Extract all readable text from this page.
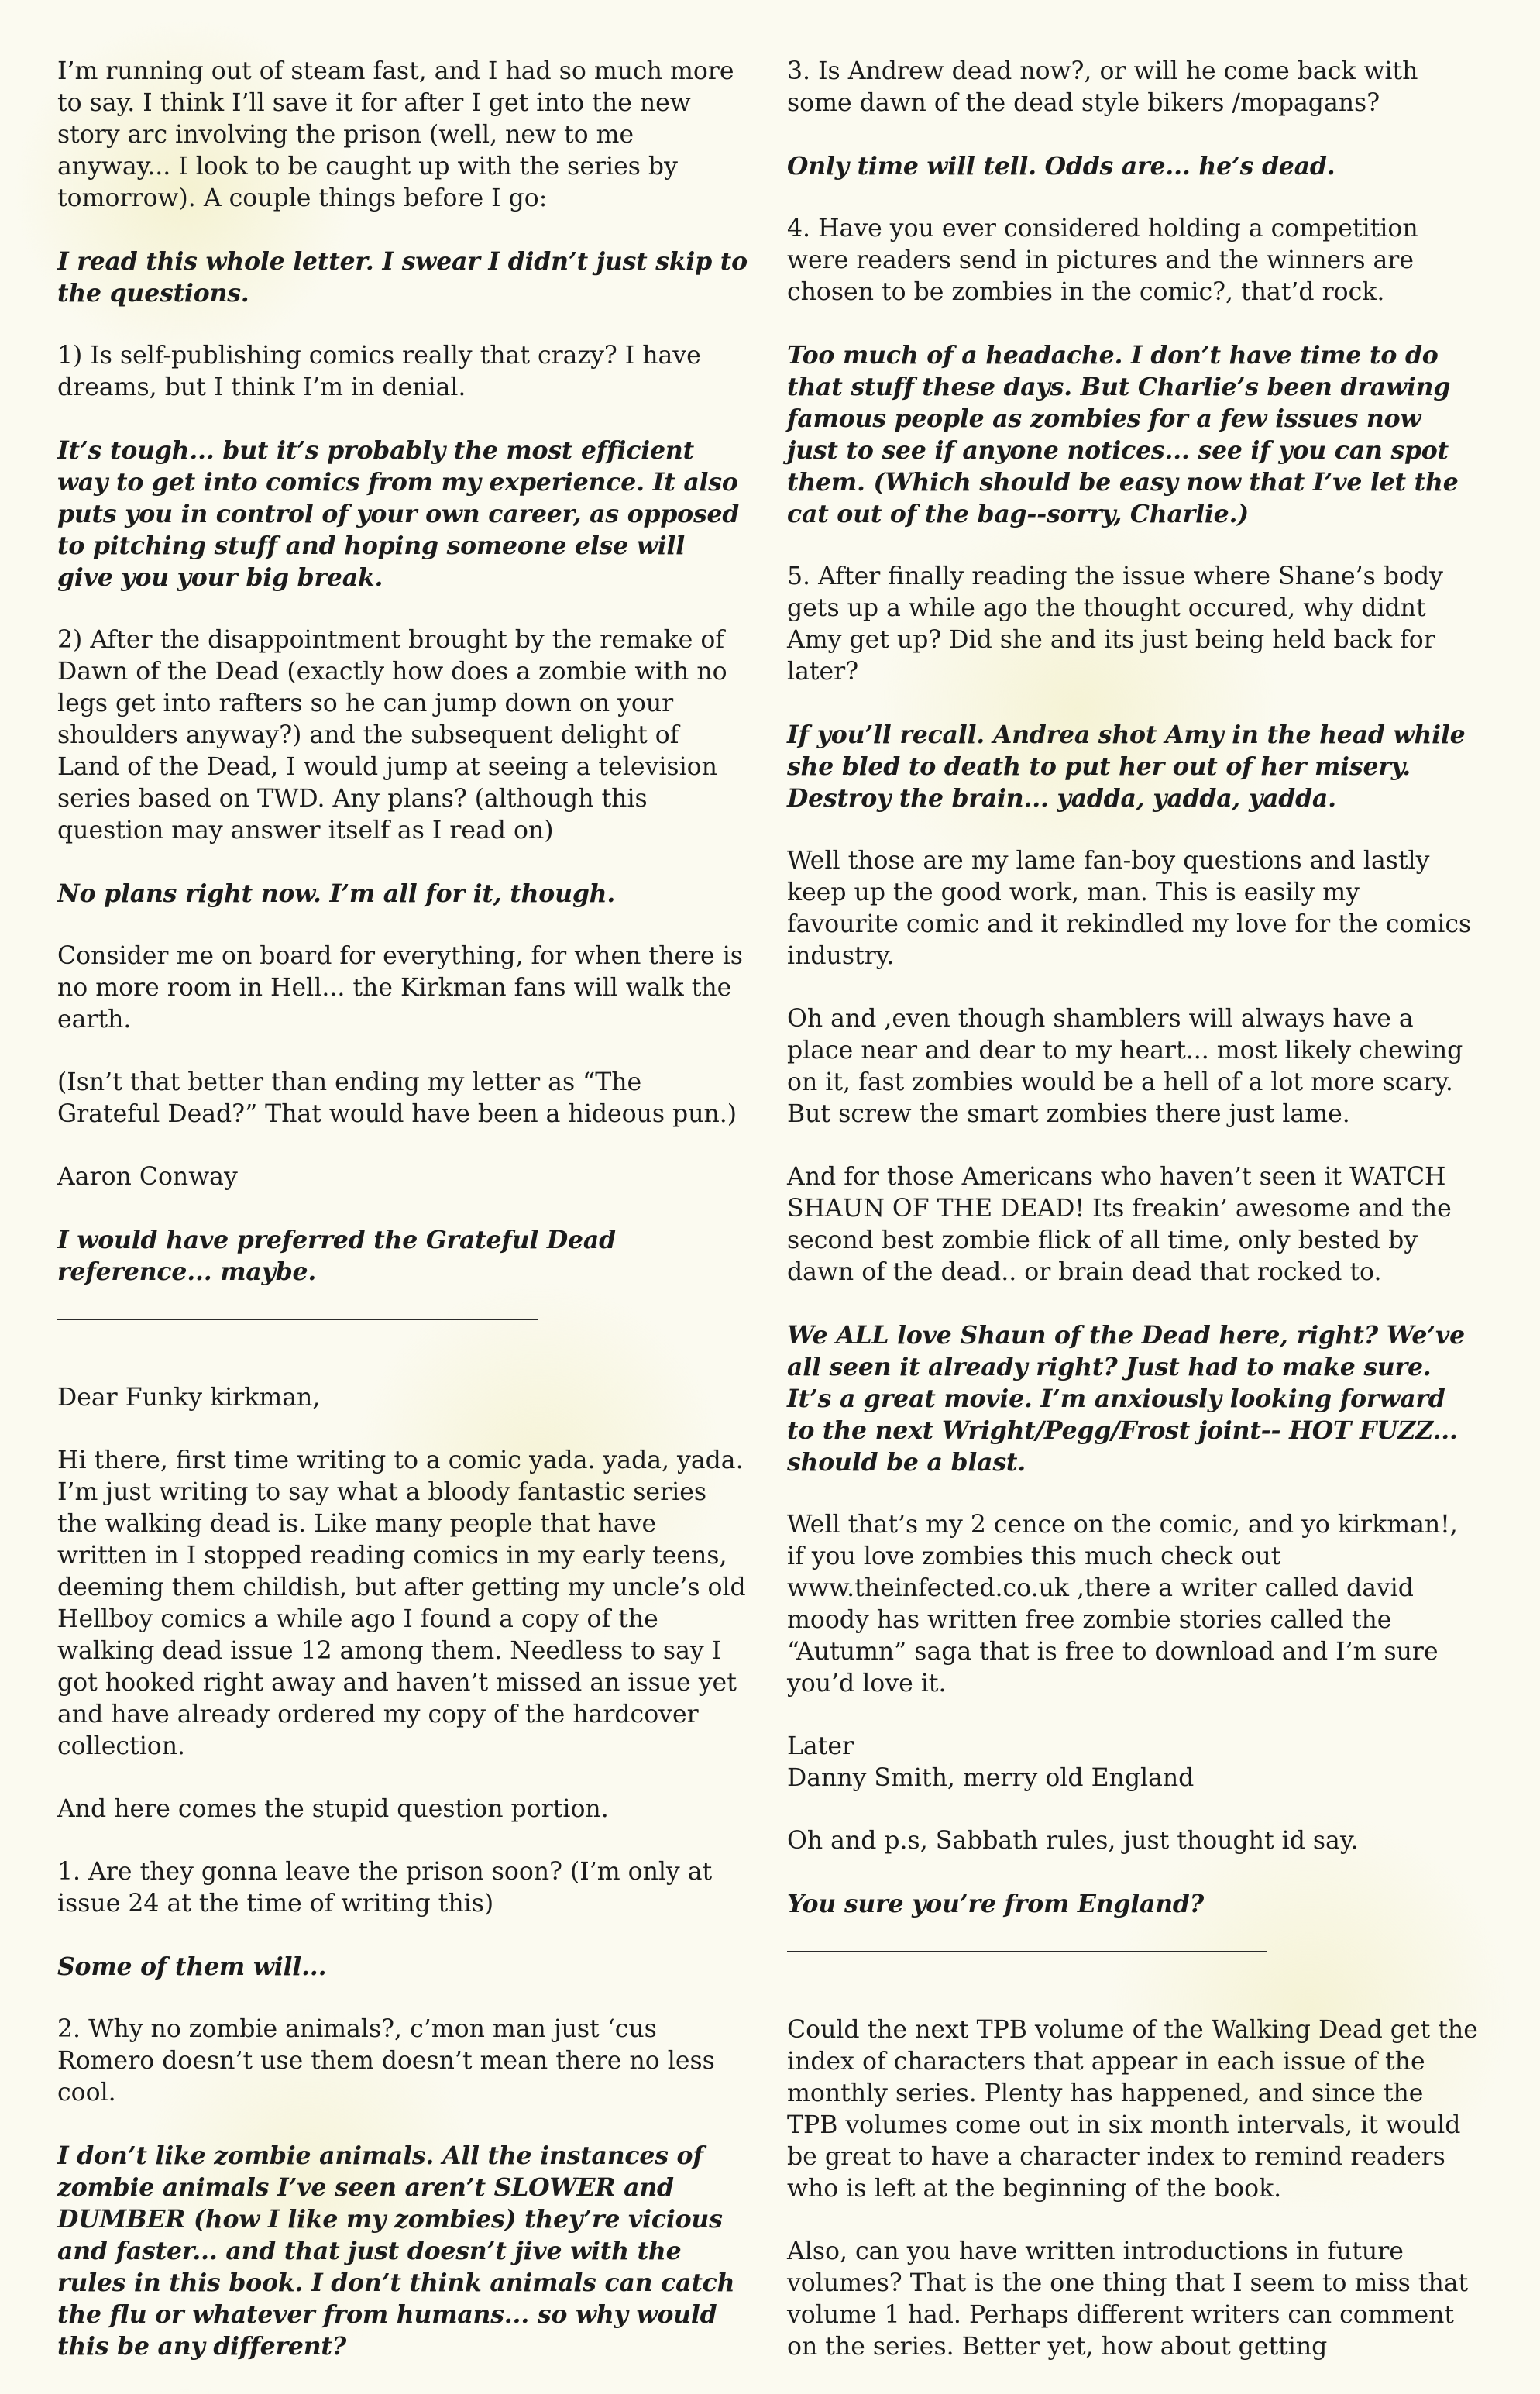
I’m running out of steam fast, and I had so much more to say. I think I’ll save it for after I get into the new story arc involving the prison (well, new to me anyway... I look to be caught up with the series by tomorrow). A couple things before I go:

I read this whole letter. I swear I didn’t just skip to the questions.

1) Is self-publishing comics really that crazy? I have dreams, but I think I’m in denial.

It’s tough... but it’s probably the most efficient way to get into comics from my experience. It also puts you in control of your own career, as opposed to pitching stuff and hoping someone else will give you your big break.

2) After the disappointment brought by the remake of Dawn of the Dead (exactly how does a zombie with no legs get into rafters so he can jump down on your shoulders anyway?) and the subsequent delight of Land of the Dead, I would jump at seeing a television series based on TWD. Any plans? (although this question may answer itself as I read on)

No plans right now. I’m all for it, though.

Consider me on board for everything, for when there is no more room in Hell... the Kirkman fans will walk the earth.

(Isn’t that better than ending my letter as “The Grateful Dead?” That would have been a hideous pun.)

Aaron Conway

I would have preferred the Grateful Dead reference... maybe.

Dear Funky kirkman,

Hi there, first time writing to a comic yada. yada, yada. I’m just writing to say what a bloody fantastic series the walking dead is. Like many people that have written in I stopped reading comics in my early teens, deeming them childish, but after getting my uncle’s old Hellboy comics a while ago I found a copy of the walking dead issue 12 among them. Needless to say I got hooked right away and haven’t missed an issue yet and have already ordered my copy of the hardcover collection.

And here comes the stupid question portion.

1. Are they gonna leave the prison soon? (I’m only at issue 24 at the time of writing this)

Some of them will...

2. Why no zombie animals?, c’mon man just ‘cus Romero doesn’t use them doesn’t mean there no less cool.

I don’t like zombie animals. All the instances of zombie animals I’ve seen aren’t SLOWER and DUMBER (how I like my zombies) they’re vicious and faster... and that just doesn’t jive with the rules in this book. I don’t think animals can catch the flu or whatever from humans... so why would this be any different?

3. Is Andrew dead now?, or will he come back with some dawn of the dead style bikers /mopagans?

Only time will tell. Odds are... he’s dead.

4. Have you ever considered holding a competition were readers send in pictures and the winners are chosen to be zombies in the comic?, that’d rock.

Too much of a headache. I don’t have time to do that stuff these days. But Charlie’s been drawing famous people as zombies for a few issues now just to see if anyone notices... see if you can spot them. (Which should be easy now that I’ve let the cat out of the bag--sorry, Charlie.)

5. After finally reading the issue where Shane’s body gets up a while ago the thought occured, why didnt Amy get up? Did she and its just being held back for later?

If you’ll recall. Andrea shot Amy in the head while she bled to death to put her out of her misery. Destroy the brain... yadda, yadda, yadda.

Well those are my lame fan-boy questions and lastly keep up the good work, man. This is easily my favourite comic and it rekindled my love for the comics industry.

Oh and ,even though shamblers will always have a place near and dear to my heart... most likely chewing on it, fast zombies would be a hell of a lot more scary. But screw the smart zombies there just lame.

And for those Americans who haven’t seen it WATCH SHAUN OF THE DEAD! Its freakin’ awesome and the second best zombie flick of all time, only bested by dawn of the dead.. or brain dead that rocked to.

We ALL love Shaun of the Dead here, right? We’ve all seen it already right? Just had to make sure. It’s a great movie. I’m anxiously looking forward to the next Wright/Pegg/Frost joint-- HOT FUZZ... should be a blast.

Well that’s my 2 cence on the comic, and yo kirkman!, if you love zombies this much check out www.theinfected.co.uk ,there a writer called david moody has written free zombie stories called the “Autumn” saga that is free to download and I’m sure you’d love it.

Later
Danny Smith, merry old England

Oh and p.s, Sabbath rules, just thought id say.

You sure you’re from England?

Could the next TPB volume of the Walking Dead get the index of characters that appear in each issue of the monthly series. Plenty has happened, and since the TPB volumes come out in six month intervals, it would be great to have a character index to remind readers who is left at the beginning of the book.

Also, can you have written introductions in future volumes? That is the one thing that I seem to miss that volume 1 had. Perhaps different writers can comment on the series. Better yet, how about getting
